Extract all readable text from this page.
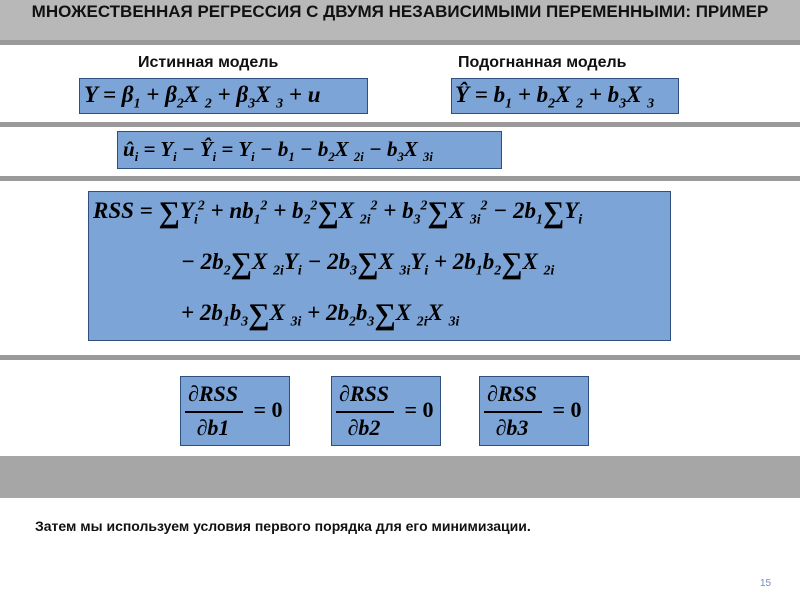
МНОЖЕСТВЕННАЯ РЕГРЕССИЯ С ДВУМЯ НЕЗАВИСИМЫМИ ПЕРЕМЕННЫМИ: ПРИМЕР
Истинная модель	Подогнанная модель
$Y = \beta_1 + \beta_2X$ $_2 + \beta_3X$ $_3$ + u	Ŷ = $b_1 + b_2X$ $_2 + b_3X$ $_3$
$û_i = Y_i$ − $Ŷ_i = Y_i - b_1 - b_2X$ $_{2i} - b_3X$ $_{3i}$
RSS = $\sum Y_i^2 + nb_1^2 + b_2^2\sum X$ $_{2i}^2 + b_3^2\sum X$ $_{3i}^2 - 2b_1\sum Y_i$
− $2b_2\sum X$ $_{2i}Y_i - 2b_3\sum X$ $_{3i}Y_i + 2b_1b_2\sum X$ $_{2i}$
+ $2b_1b_3\sum X$ $_{3i} + 2b_2b_3\sum X$ $_{2i}$X $_{3i}$
∂RSS
∂b1
= 0
∂RSS
∂b2
= 0
∂RSS
∂b3
= 0
Затем мы используем условия первого порядка для его минимизации.
15
